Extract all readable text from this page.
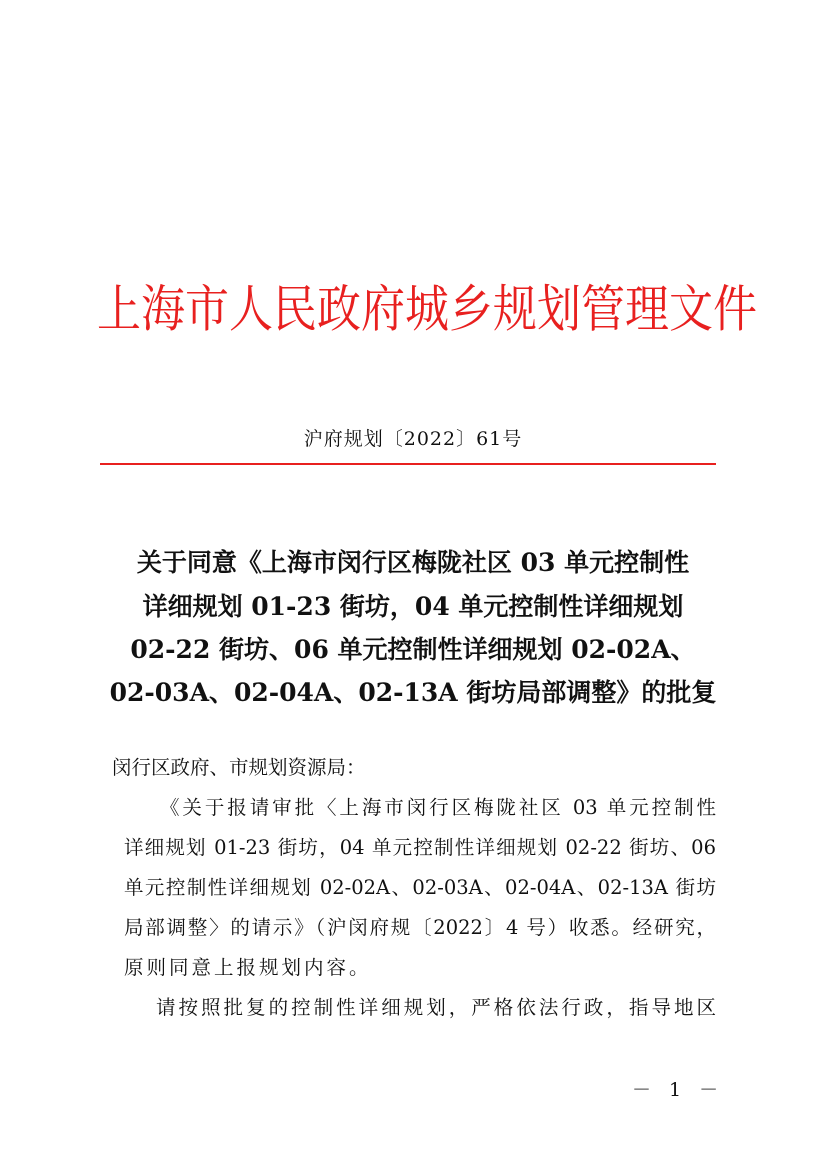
上海市人民政府城乡规划管理文件
沪府规划〔2022〕61号
关于同意《上海市闵行区梅陇社区 03 单元控制性
详细规划 01-23 街坊，04 单元控制性详细规划
02-22 街坊、06 单元控制性详细规划 02-02A、
02-03A、02-04A、02-13A 街坊局部调整》的批复
闵行区政府、市规划资源局：
《关于报请审批〈上海市闵行区梅陇社区 03 单元控制性
详细规划 01-23 街坊，04 单元控制性详细规划 02-22 街坊、06
单元控制性详细规划 02-02A、02-03A、02-04A、02-13A 街坊
局部调整〉的请示》（沪闵府规〔2022〕4 号）收悉。经研究，
原则同意上报规划内容。
请按照批复的控制性详细规划，严格依法行政，指导地区
－ 1 －
